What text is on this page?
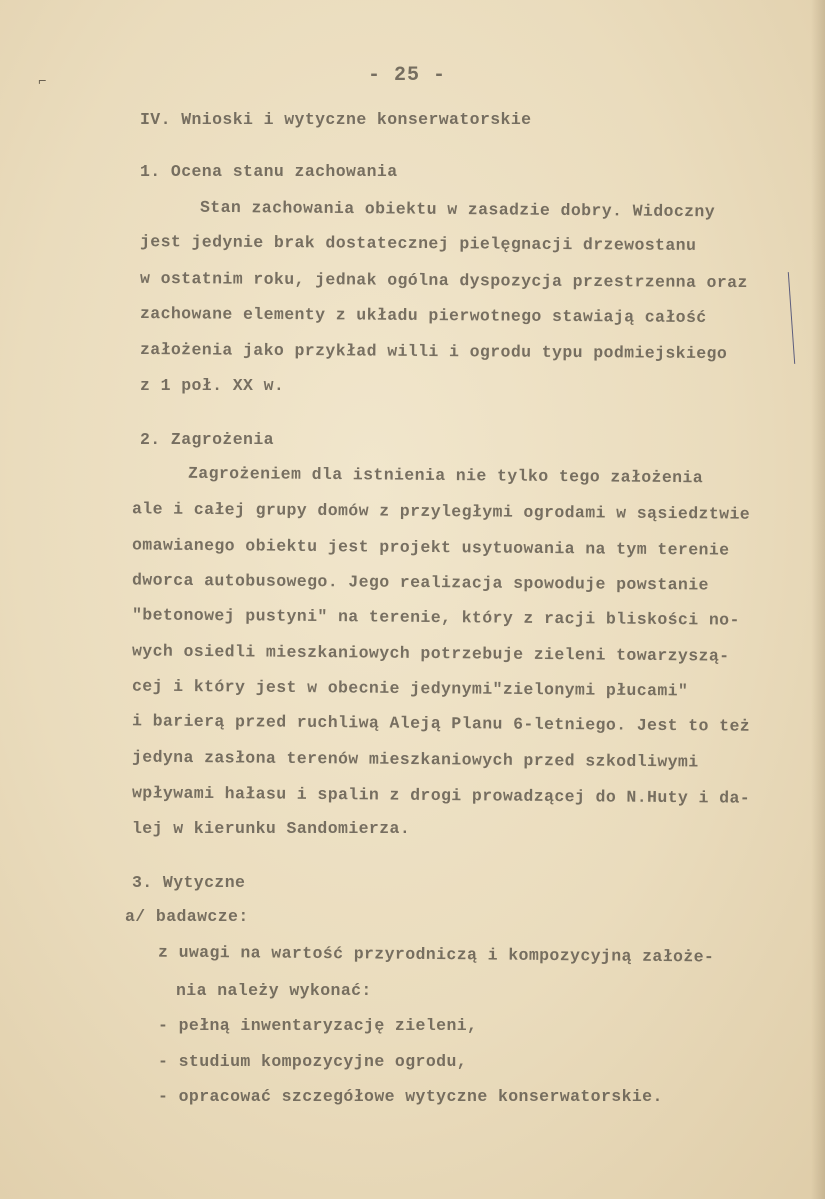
⌐	- 25 -
IV. Wnioski i wytyczne konserwatorskie
1. Ocena stanu zachowania
Stan zachowania obiektu w zasadzie dobry. Widoczny
jest jedynie brak dostatecznej pielęgnacji drzewostanu
w ostatnim roku, jednak ogólna dyspozycja przestrzenna oraz
zachowane elementy z układu pierwotnego stawiają całość
założenia jako przykład willi i ogrodu typu podmiejskiego
z 1 poł. XX w.
2. Zagrożenia
Zagrożeniem dla istnienia nie tylko tego założenia
ale i całej grupy domów z przyległymi ogrodami w sąsiedztwie
omawianego obiektu jest projekt usytuowania na tym terenie
dworca autobusowego. Jego realizacja spowoduje powstanie
"betonowej pustyni" na terenie, który z racji bliskości no-
wych osiedli mieszkaniowych potrzebuje zieleni towarzyszą-
cej i który jest w obecnie jedynymi"zielonymi płucami"
i barierą przed ruchliwą Aleją Planu 6-letniego. Jest to też
jedyna zasłona terenów mieszkaniowych przed szkodliwymi
wpływami hałasu i spalin z drogi prowadzącej do N.Huty i da-
lej w kierunku Sandomierza.
3. Wytyczne
a/ badawcze:
z uwagi na wartość przyrodniczą i kompozycyjną założe-
nia należy wykonać:
- pełną inwentaryzację zieleni,
- studium kompozycyjne ogrodu,
- opracować szczegółowe wytyczne konserwatorskie.
